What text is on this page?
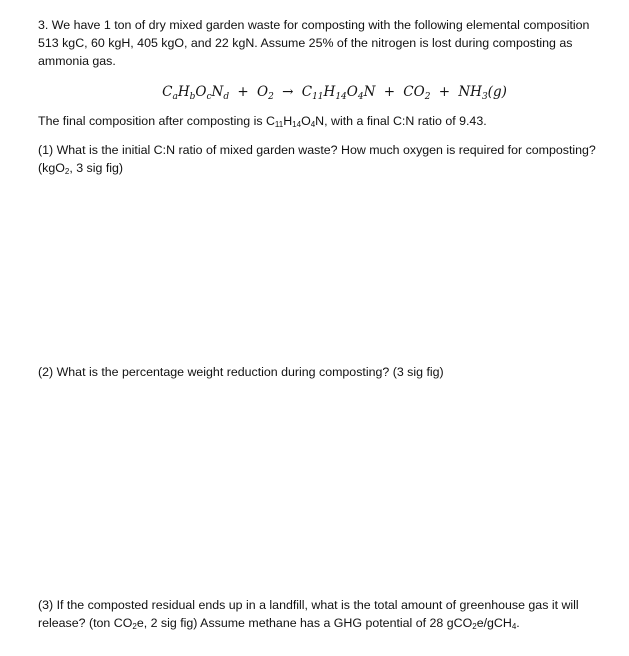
3. We have 1 ton of dry mixed garden waste for composting with the following elemental composition
513 kgC, 60 kgH, 405 kgO, and 22 kgN. Assume 25% of the nitrogen is lost during composting as
ammonia gas.

$C_aH_bO_cN_d + O_2 \to C_{11}H_{14}O_4N + CO_2 + NH_3(g)$

The final composition after composting is $C_{11}H_{14}O_4N$, with a final C:N ratio of 9.43.

(1) What is the initial C:N ratio of mixed garden waste? How much oxygen is required for composting?
(kgO$_2$, 3 sig fig)

(2) What is the percentage weight reduction during composting? (3 sig fig)

(3) If the composted residual ends up in a landfill, what is the total amount of greenhouse gas it will
release? (ton $CO_2e$, 2 sig fig) Assume methane has a GHG potential of 28 gCO$_2$e/gCH$_4$.
